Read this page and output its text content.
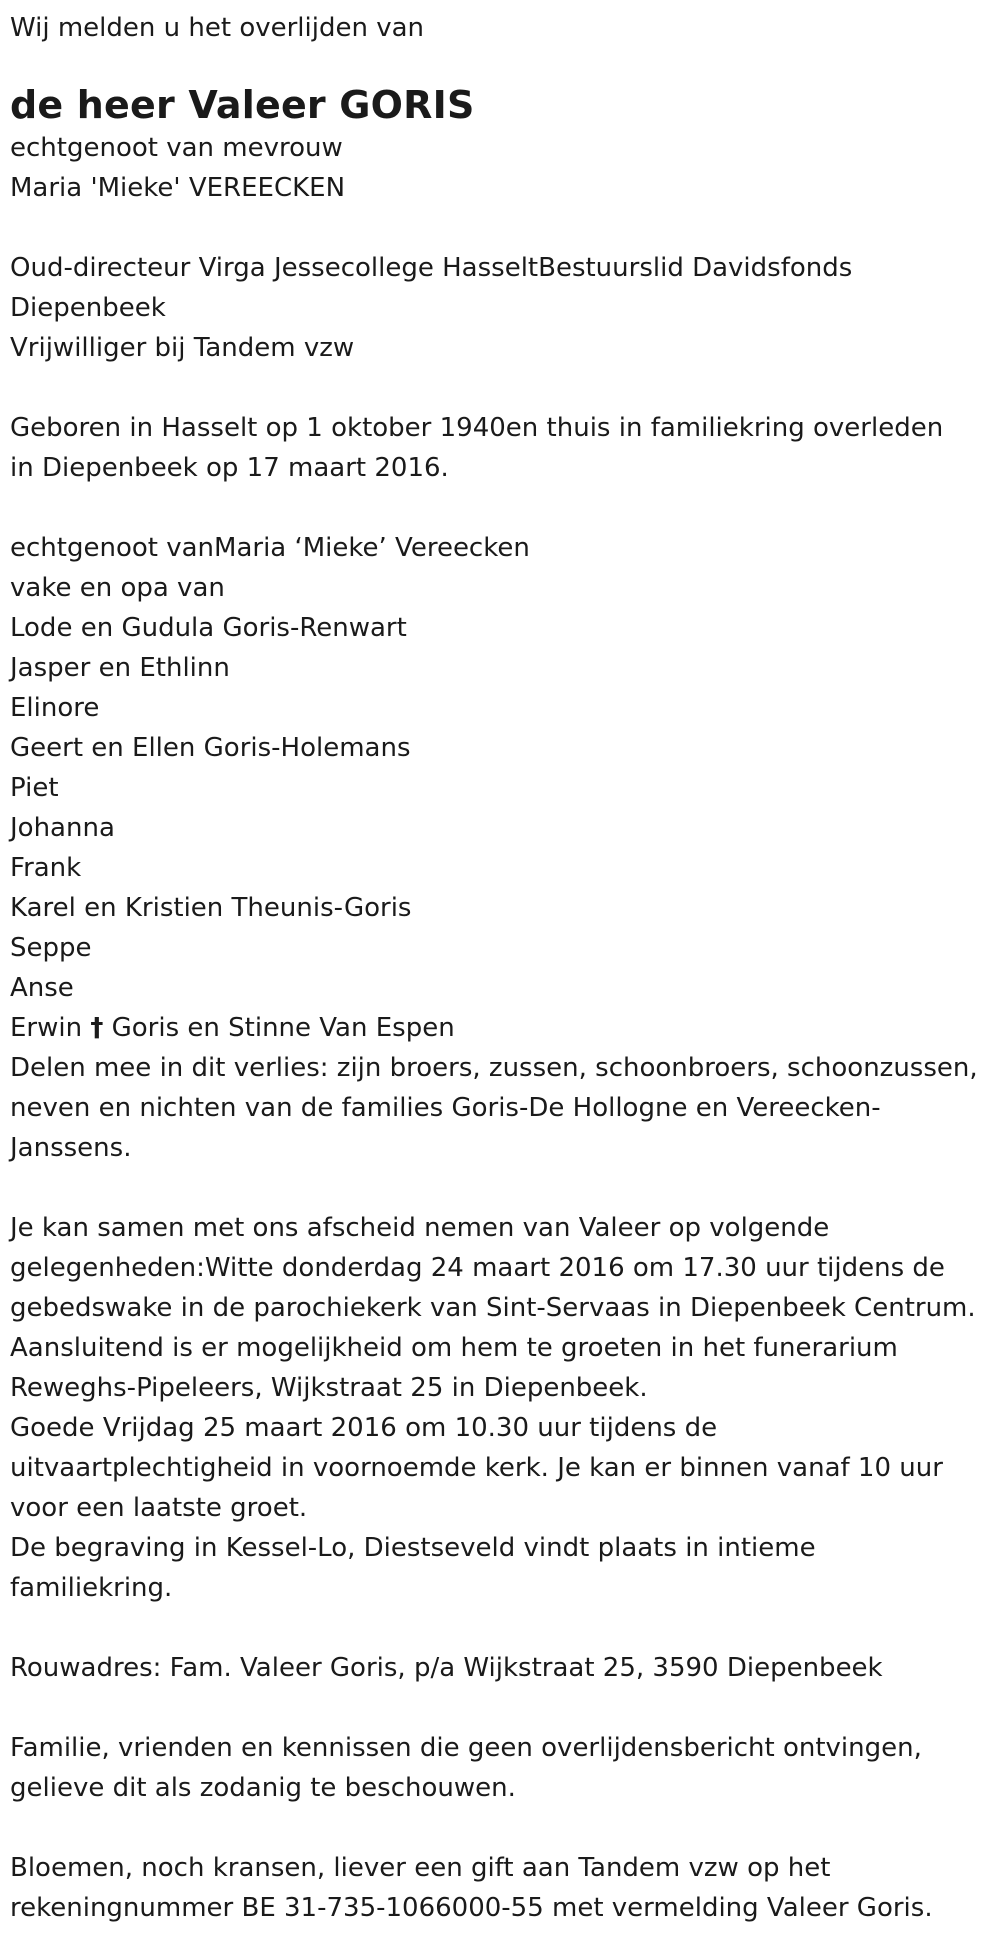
Wij melden u het overlijden van

de heer Valeer GORIS

echtgenoot van mevrouw

Maria 'Mieke' VEREECKEN

Oud-directeur Virga Jessecollege HasseltBestuurslid Davidsfonds

Diepenbeek

Vrijwilliger bij Tandem vzw

Geboren in Hasselt op 1 oktober 1940en thuis in familiekring overleden

in Diepenbeek op 17 maart 2016.

echtgenoot vanMaria ‘Mieke’ Vereecken

vake en opa van

Lode en Gudula Goris-Renwart

Jasper en Ethlinn

Elinore

Geert en Ellen Goris-Holemans

Piet

Johanna

Frank

Karel en Kristien Theunis-Goris

Seppe

Anse

Erwin † Goris en Stinne Van Espen

Delen mee in dit verlies: zijn broers, zussen, schoonbroers, schoonzussen,

neven en nichten van de families Goris-De Hollogne en Vereecken-

Janssens.

Je kan samen met ons afscheid nemen van Valeer op volgende

gelegenheden:Witte donderdag 24 maart 2016 om 17.30 uur tijdens de

gebedswake in de parochiekerk van Sint-Servaas in Diepenbeek Centrum.

Aansluitend is er mogelijkheid om hem te groeten in het funerarium

Reweghs-Pipeleers, Wijkstraat 25 in Diepenbeek.

Goede Vrijdag 25 maart 2016 om 10.30 uur tijdens de

uitvaartplechtigheid in voornoemde kerk. Je kan er binnen vanaf 10 uur

voor een laatste groet.

De begraving in Kessel-Lo, Diestseveld vindt plaats in intieme

familiekring.

Rouwadres: Fam. Valeer Goris, p/a Wijkstraat 25, 3590 Diepenbeek

Familie, vrienden en kennissen die geen overlijdensbericht ontvingen,

gelieve dit als zodanig te beschouwen.

Bloemen, noch kransen, liever een gift aan Tandem vzw op het

rekeningnummer BE 31-735-1066000-55 met vermelding Valeer Goris.
